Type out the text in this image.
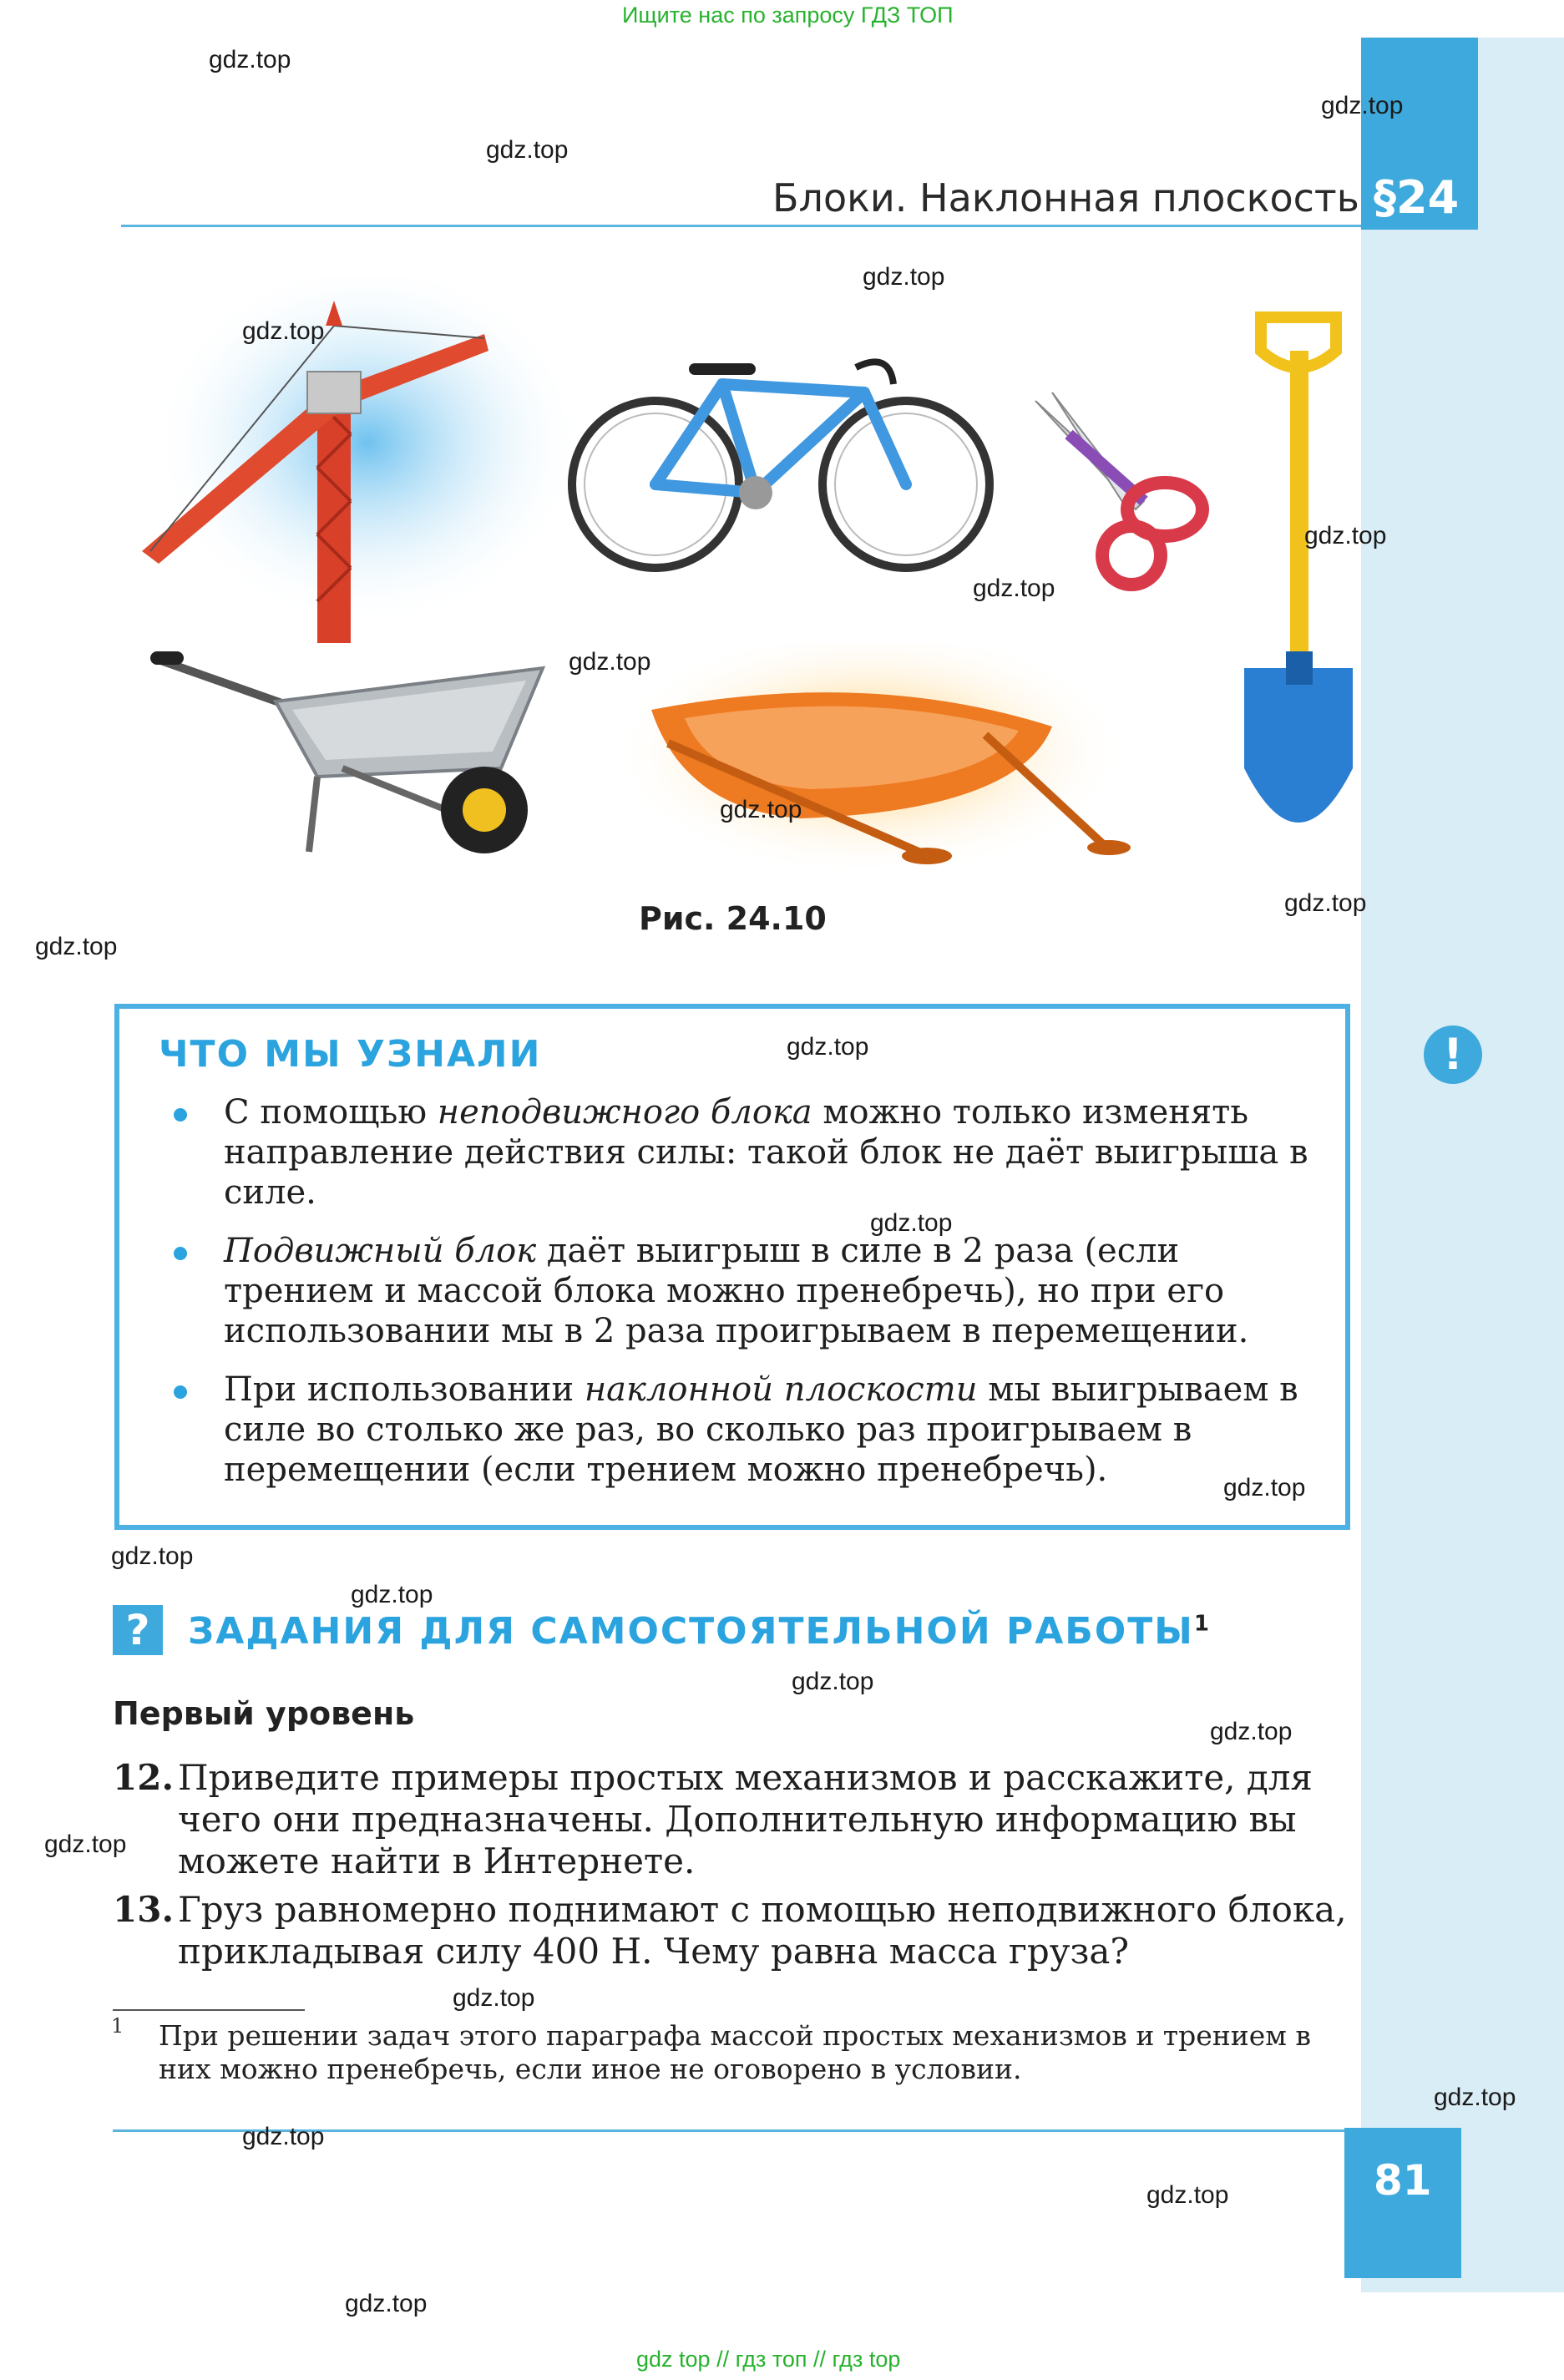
Ищите нас по запросу ГДЗ ТОП
gdz top // гдз топ // гдз top
§24
Блоки. Наклонная плоскость
Рис. 24.10
ЧТО МЫ УЗНАЛИ	!
С помощью неподвижного блока можно только изменять направление действия силы: такой блок не даёт выигрыша в силе.
Подвижный блок даёт выигрыш в силе в 2 раза (если трением и массой блока можно пренебречь), но при его использовании мы в 2 раза проигрываем в перемещении.
При использовании наклонной плоскости мы выигрываем в силе во столько же раз, во сколько раз проигрываем в перемещении (если трением можно пренебречь).
?	ЗАДАНИЯ ДЛЯ САМОСТОЯТЕЛЬНОЙ РАБОТЫ$^1$
Первый уровень
12. Приведите примеры простых механизмов и расскажите, для чего они предназначены. Дополнительную информацию вы можете найти в Интернете.
13. Груз равномерно поднимают с помощью неподвижного блока, прикладывая силу 400 Н. Чему равна масса груза?
1 При решении задач этого параграфа массой простых механизмов и трением в них можно пренебречь, если иное не оговорено в условии.
81
gdz.top
gdz.top
gdz.top
gdz.top
gdz.top
gdz.top
gdz.top
gdz.top
gdz.top
gdz.top
gdz.top
gdz.top
gdz.top
gdz.top
gdz.top
gdz.top
gdz.top
gdz.top
gdz.top
gdz.top
gdz.top
gdz.top
gdz.top
gdz.top
